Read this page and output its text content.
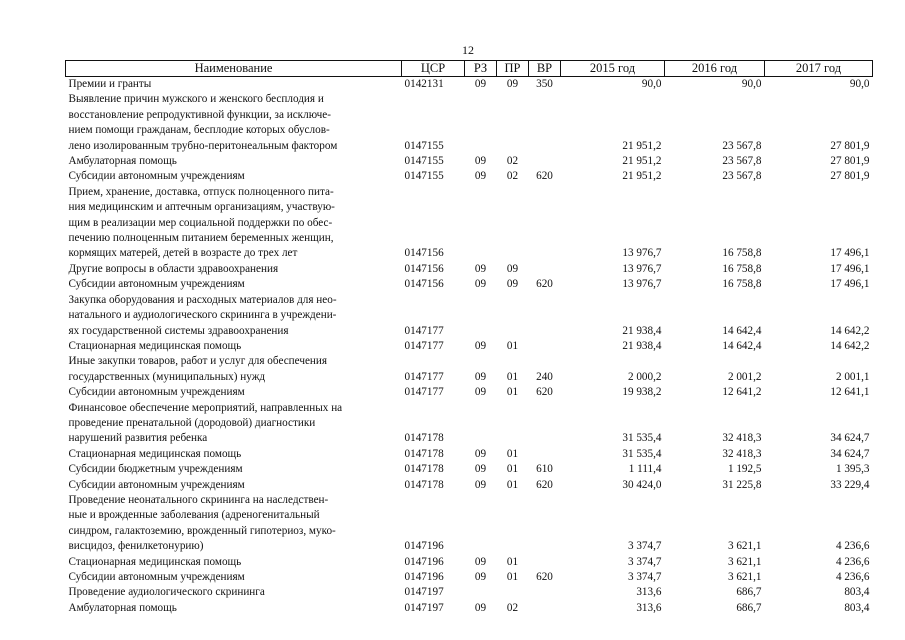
12
Наименование	ЦСР	РЗ	ПР	ВР	2015 год	2016 год	2017 год

Премии и гранты	0142131	09	09	350	90,0	90,0	90,0

Выявление причин мужского и женского бесплодия и
восстановление репродуктивной функции, за исключе-
нием помощи гражданам, бесплодие которых обуслов-
лено изолированным трубно-перитонеальным фактором	0147155				21 951,2	23 567,8	27 801,9

Амбулаторная помощь	0147155	09	02		21 951,2	23 567,8	27 801,9

Субсидии автономным учреждениям	0147155	09	02	620	21 951,2	23 567,8	27 801,9

Прием, хранение, доставка, отпуск полноценного пита-
ния медицинским и аптечным организациям, участвую-
щим в реализации мер социальной поддержки по обес-
печению полноценным питанием беременных женщин,
кормящих матерей, детей в возрасте до трех лет	0147156				13 976,7	16 758,8	17 496,1

Другие вопросы в области здравоохранения	0147156	09	09		13 976,7	16 758,8	17 496,1

Субсидии автономным учреждениям	0147156	09	09	620	13 976,7	16 758,8	17 496,1

Закупка оборудования и расходных материалов для нео-
натального и аудиологического скрининга в учреждени-
ях государственной системы здравоохранения	0147177				21 938,4	14 642,4	14 642,2

Стационарная медицинская помощь	0147177	09	01		21 938,4	14 642,4	14 642,2

Иные закупки товаров, работ и услуг для обеспечения
государственных (муниципальных) нужд	0147177	09	01	240	2 000,2	2 001,2	2 001,1

Субсидии автономным учреждениям	0147177	09	01	620	19 938,2	12 641,2	12 641,1

Финансовое обеспечение мероприятий, направленных на
проведение пренатальной (дородовой) диагностики
нарушений развития ребенка	0147178				31 535,4	32 418,3	34 624,7

Стационарная медицинская помощь	0147178	09	01		31 535,4	32 418,3	34 624,7

Субсидии бюджетным учреждениям	0147178	09	01	610	1 111,4	1 192,5	1 395,3

Субсидии автономным учреждениям	0147178	09	01	620	30 424,0	31 225,8	33 229,4

Проведение неонатального скрининга на наследствен-
ные и врожденные заболевания (адреногенитальный
синдром, галактоземию, врожденный гипотериоз, муко-
висцидоз, фенилкетонурию)	0147196				3 374,7	3 621,1	4 236,6

Стационарная медицинская помощь	0147196	09	01		3 374,7	3 621,1	4 236,6

Субсидии автономным учреждениям	0147196	09	01	620	3 374,7	3 621,1	4 236,6

Проведение аудиологического скрининга	0147197				313,6	686,7	803,4

Амбулаторная помощь	0147197	09	02		313,6	686,7	803,4
